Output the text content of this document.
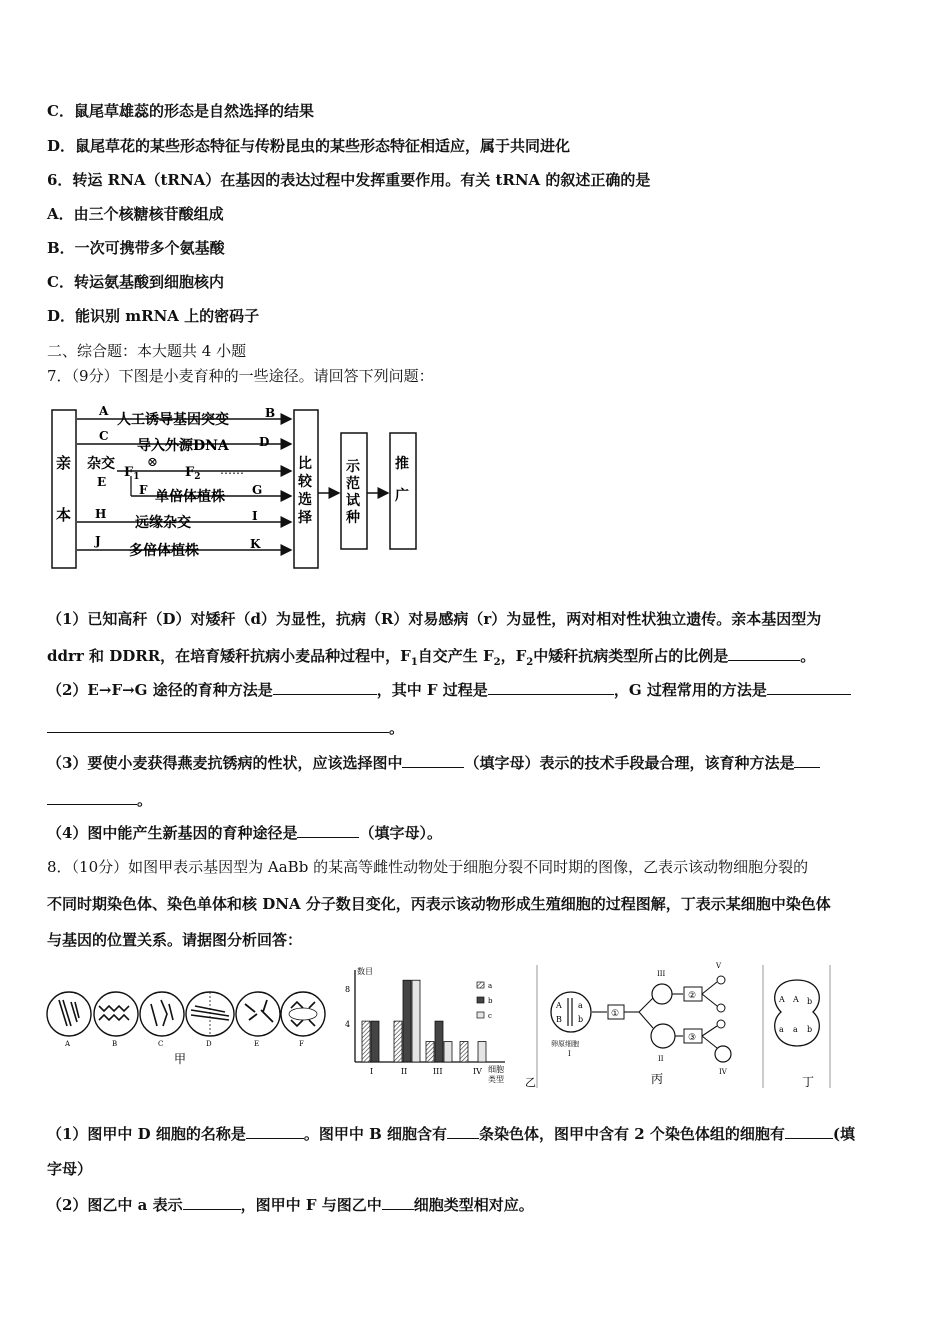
C．鼠尾草雄蕊的形态是自然选择的结果
D．鼠尾草花的某些形态特征与传粉昆虫的某些形态特征相适应，属于共同进化
6．转运 RNA（tRNA）在基因的表达过程中发挥重要作用。有关 tRNA 的叙述正确的是
A．由三个核糖核苷酸组成
B．一次可携带多个氨基酸
C．转运氨基酸到细胞核内
D．能识别 mRNA 上的密码子
二、综合题：本大题共 4 小题
7．（9分）下图是小麦育种的一些途径。请回答下列问题：
亲
本
A
人工诱导基因突变	B
C
导入外源DNA	D
杂交
$F_1$
⊗
$F_2$ ……
E
F 单倍体植株 G
H
远缘杂交	I
J
多倍体植株	K
比
较
选
择
示
范
试
种
推
广
（1）已知高秆（D）对矮秆（d）为显性，抗病（R）对易感病（r）为显性，两对相对性状独立遗传。亲本基因型为
ddrr 和 DDRR，在培育矮秆抗病小麦品种过程中，$F_1$自交产生 $F_2$，$F_2$中矮秆抗病类型所占的比例是	。
（2）E→F→G 途径的育种方法是	，其中 F 过程是	，G 过程常用的方法是
。
（3）要使小麦获得燕麦抗锈病的性状，应该选择图中	（填字母）表示的技术手段最合理，该育种方法是
。
（4）图中能产生新基因的育种途径是	（填字母）。
8．（10分）如图甲表示基因型为 AaBb 的某高等雌性动物处于细胞分裂不同时期的图像，乙表示该动物细胞分裂的
不同时期染色体、染色单体和核 DNA 分子数目变化，丙表示该动物形成生殖细胞的过程图解，丁表示某细胞中染色体
与基因的位置关系。请据图分析回答：
A	B	C	D	E	F
甲
数目
8
4
I	II	III	IV 细胞
类型
a
b
c
乙
A a
B b
卵原细胞
I
①
III
II
②
③
V
IV
丙
A A b
a a b
丁
（1）图甲中 D 细胞的名称是	。图甲中 B 细胞含有 条染色体，图甲中含有 2 个染色体组的细胞有	(填
字母）
（2）图乙中 a 表示	，图甲中 F 与图乙中 细胞类型相对应。
